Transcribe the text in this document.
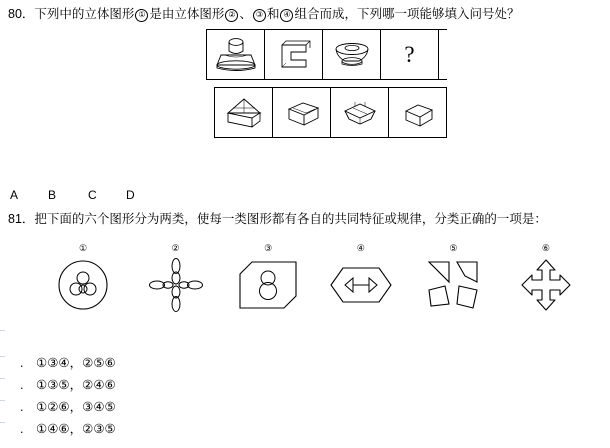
80．下列中的立体图形 ① 是由立体图形 ② 、 ③ 和 ④ 组合而成，下列哪一项能够填入问号处？
?
A B	C D
81．把下面的六个图形分为两类，使每一类图形都有各自的共同特征或规律，分类正确的一项是：
①	②	③	④	⑤	⑥
. ①③④，②⑤⑥
. ①③⑤，②④⑥
. ①②⑥，③④⑤
. ①④⑥，②③⑤
